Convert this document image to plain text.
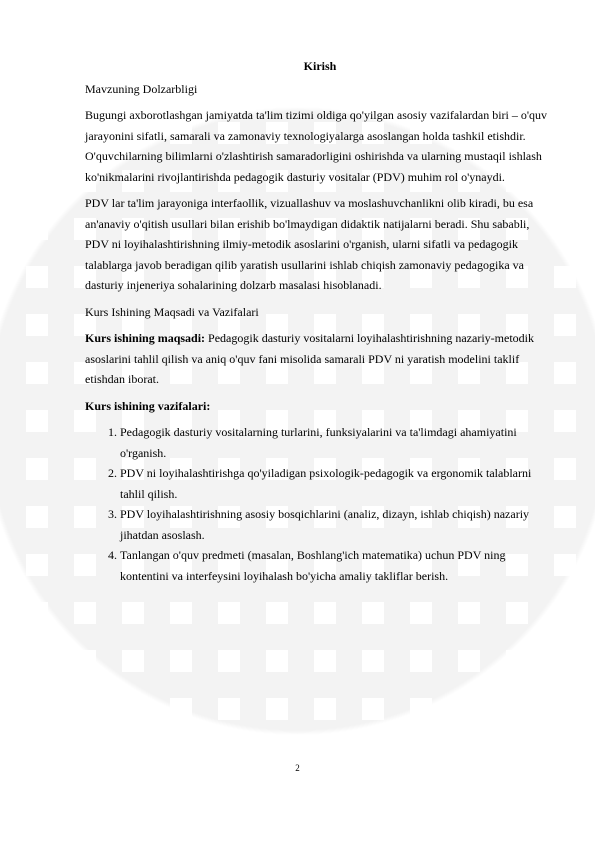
Kirish
Mavzuning Dolzarbligi

Bugungi axborotlashgan jamiyatda ta'lim tizimi oldiga qo'yilgan asosiy vazifalardan biri – o'quv jarayonini sifatli, samarali va zamonaviy texnologiyalarga asoslangan holda tashkil etishdir. O'quvchilarning bilimlarni o'zlashtirish samaradorligini oshirishda va ularning mustaqil ishlash ko'nikmalarini rivojlantirishda pedagogik dasturiy vositalar (PDV) muhim rol o'ynaydi.

PDV lar ta'lim jarayoniga interfaollik, vizuallashuv va moslashuvchanlikni olib kiradi, bu esa an'anaviy o'qitish usullari bilan erishib bo'lmaydigan didaktik natijalarni beradi. Shu sababli, PDV ni loyihalashtirishning ilmiy-metodik asoslarini o'rganish, ularni sifatli va pedagogik talablarga javob beradigan qilib yaratish usullarini ishlab chiqish zamonaviy pedagogika va dasturiy injeneriya sohalarining dolzarb masalasi hisoblanadi.

Kurs Ishining Maqsadi va Vazifalari

Kurs ishining maqsadi: Pedagogik dasturiy vositalarni loyihalashtirishning nazariy-metodik asoslarini tahlil qilish va aniq o'quv fani misolida samarali PDV ni yaratish modelini taklif etishdan iborat.

Kurs ishining vazifalari:
1. Pedagogik dasturiy vositalarning turlarini, funksiyalarini va ta'limdagi ahamiyatini o'rganish.
2. PDV ni loyihalashtirishga qo'yiladigan psixologik-pedagogik va ergonomik talablarni tahlil qilish.
3. PDV loyihalashtirishning asosiy bosqichlarini (analiz, dizayn, ishlab chiqish) nazariy jihatdan asoslash.
4. Tanlangan o'quv predmeti (masalan, Boshlang'ich matematika) uchun PDV ning kontentini va interfeysini loyihalash bo'yicha amaliy takliflar berish.
2
